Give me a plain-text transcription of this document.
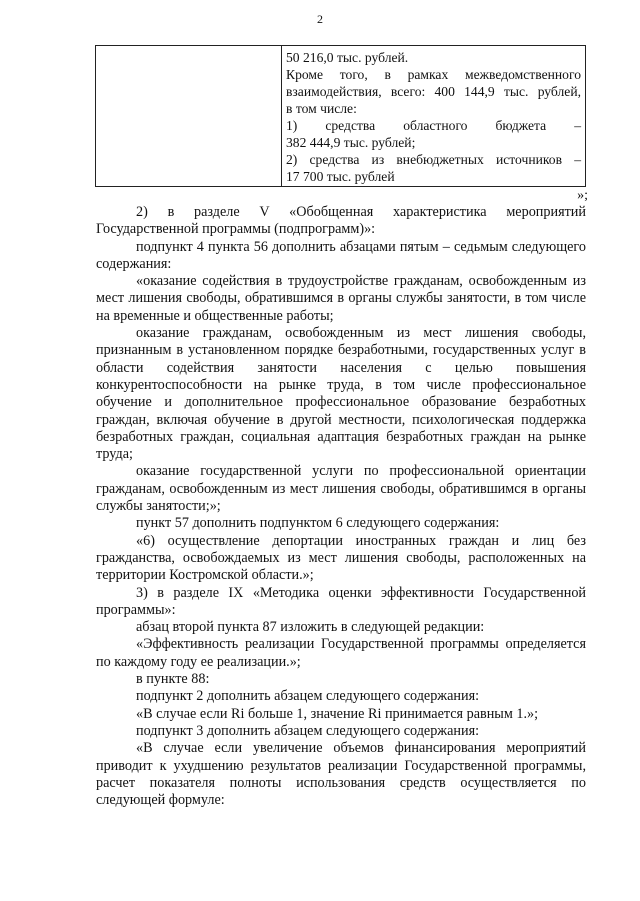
2
50 216,0 тыс. рублей.
Кроме того, в рамках межведомственного
взаимодействия, всего: 400 144,9 тыс. рублей,
в том числе:
1) средства областного бюджета –
382 444,9 тыс. рублей;
2) средства из внебюджетных источников –
17 700 тыс. рублей
»;

2) в разделе V «Обобщенная характеристика мероприятий Государственной программы (подпрограмм)»:

подпункт 4 пункта 56 дополнить абзацами пятым – седьмым следующего содержания:

«оказание содействия в трудоустройстве гражданам, освобожденным из мест лишения свободы, обратившимся в органы службы занятости, в том числе на временные и общественные работы;

оказание гражданам, освобожденным из мест лишения свободы, признанным в установленном порядке безработными, государственных услуг в области содействия занятости населения с целью повышения конкурентоспособности на рынке труда, в том числе профессиональное обучение и дополнительное профессиональное образование безработных граждан, включая обучение в другой местности, психологическая поддержка безработных граждан, социальная адаптация безработных граждан на рынке труда;

оказание государственной услуги по профессиональной ориентации гражданам, освобожденным из мест лишения свободы, обратившимся в органы службы занятости;»;

пункт 57 дополнить подпунктом 6 следующего содержания:

«6) осуществление депортации иностранных граждан и лиц без гражданства, освобождаемых из мест лишения свободы, расположенных на территории Костромской области.»;

3) в разделе IX «Методика оценки эффективности Государственной программы»:

абзац второй пункта 87 изложить в следующей редакции:

«Эффективность реализации Государственной программы определяется по каждому году ее реализации.»;

в пункте 88:

подпункт 2 дополнить абзацем следующего содержания:

«В случае если Ri больше 1, значение Ri принимается равным 1.»;

подпункт 3 дополнить абзацем следующего содержания:

«В случае если увеличение объемов финансирования мероприятий приводит к ухудшению результатов реализации Государственной программы, расчет показателя полноты использования средств осуществляется по следующей формуле:
